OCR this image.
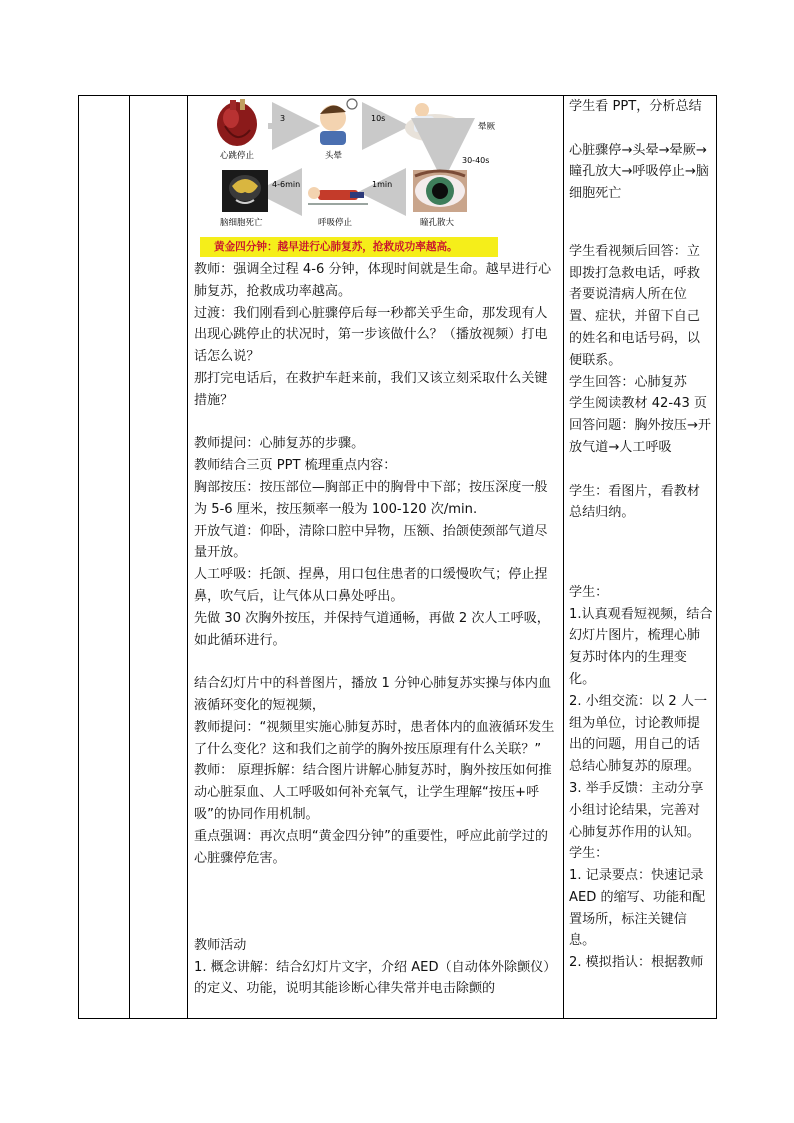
心跳停止	头晕
晕厥
脑细胞死亡	呼吸停止	瞳孔散大
3	10s
30-40s
1min
4-6min
黄金四分钟：越早进行心肺复苏，抢救成功率越高。

教师：强调全过程 4-6 分钟，体现时间就是生命。越早进行心肺复苏，抢救成功率越高。

过渡：我们刚看到心脏骤停后每一秒都关乎生命，那发现有人出现心跳停止的状况时，第一步该做什么？（播放视频）打电话怎么说？

那打完电话后，在救护车赶来前，我们又该立刻采取什么关键措施？

教师提问：心肺复苏的步骤。

教师结合三页 PPT 梳理重点内容：

胸部按压：按压部位—胸部正中的胸骨中下部；按压深度一般为 5-6 厘米，按压频率一般为 100-120 次/min.

开放气道：仰卧，清除口腔中异物，压额、抬颌使颈部气道尽量开放。

人工呼吸：托颌、捏鼻，用口包住患者的口缓慢吹气；停止捏鼻，吹气后，让气体从口鼻处呼出。

先做 30 次胸外按压，并保持气道通畅，再做 2 次人工呼吸，如此循环进行。

结合幻灯片中的科普图片，播放 1 分钟心肺复苏实操与体内血液循环变化的短视频，

教师提问：“视频里实施心肺复苏时，患者体内的血液循环发生了什么变化？这和我们之前学的胸外按压原理有什么关联？”

教师： 原理拆解：结合图片讲解心肺复苏时，胸外按压如何推动心脏泵血、人工呼吸如何补充氧气，让学生理解“按压+呼吸”的协同作用机制。

重点强调：再次点明“黄金四分钟”的重要性，呼应此前学过的心脏骤停危害。

教师活动

1. 概念讲解：结合幻灯片文字，介绍 AED（自动体外除颤仪）的定义、功能，说明其能诊断心律失常并电击除颤的

学生看 PPT，分析总结

心脏骤停→头晕→晕厥→瞳孔放大→呼吸停止→脑细胞死亡

学生看视频后回答：立即拨打急救电话，呼救者要说清病人所在位置、症状，并留下自己的姓名和电话号码，以便联系。

学生回答：心肺复苏

学生阅读教材 42-43 页回答问题：胸外按压→开放气道→人工呼吸

学生：看图片，看教材总结归纳。

学生：

1.认真观看短视频，结合幻灯片图片，梳理心肺复苏时体内的生理变化。

2. 小组交流：以 2 人一组为单位，讨论教师提出的问题，用自己的话总结心肺复苏的原理。

3. 举手反馈：主动分享小组讨论结果，完善对心肺复苏作用的认知。

学生：

1. 记录要点：快速记录 AED 的缩写、功能和配置场所，标注关键信息。

2. 模拟指认：根据教师
